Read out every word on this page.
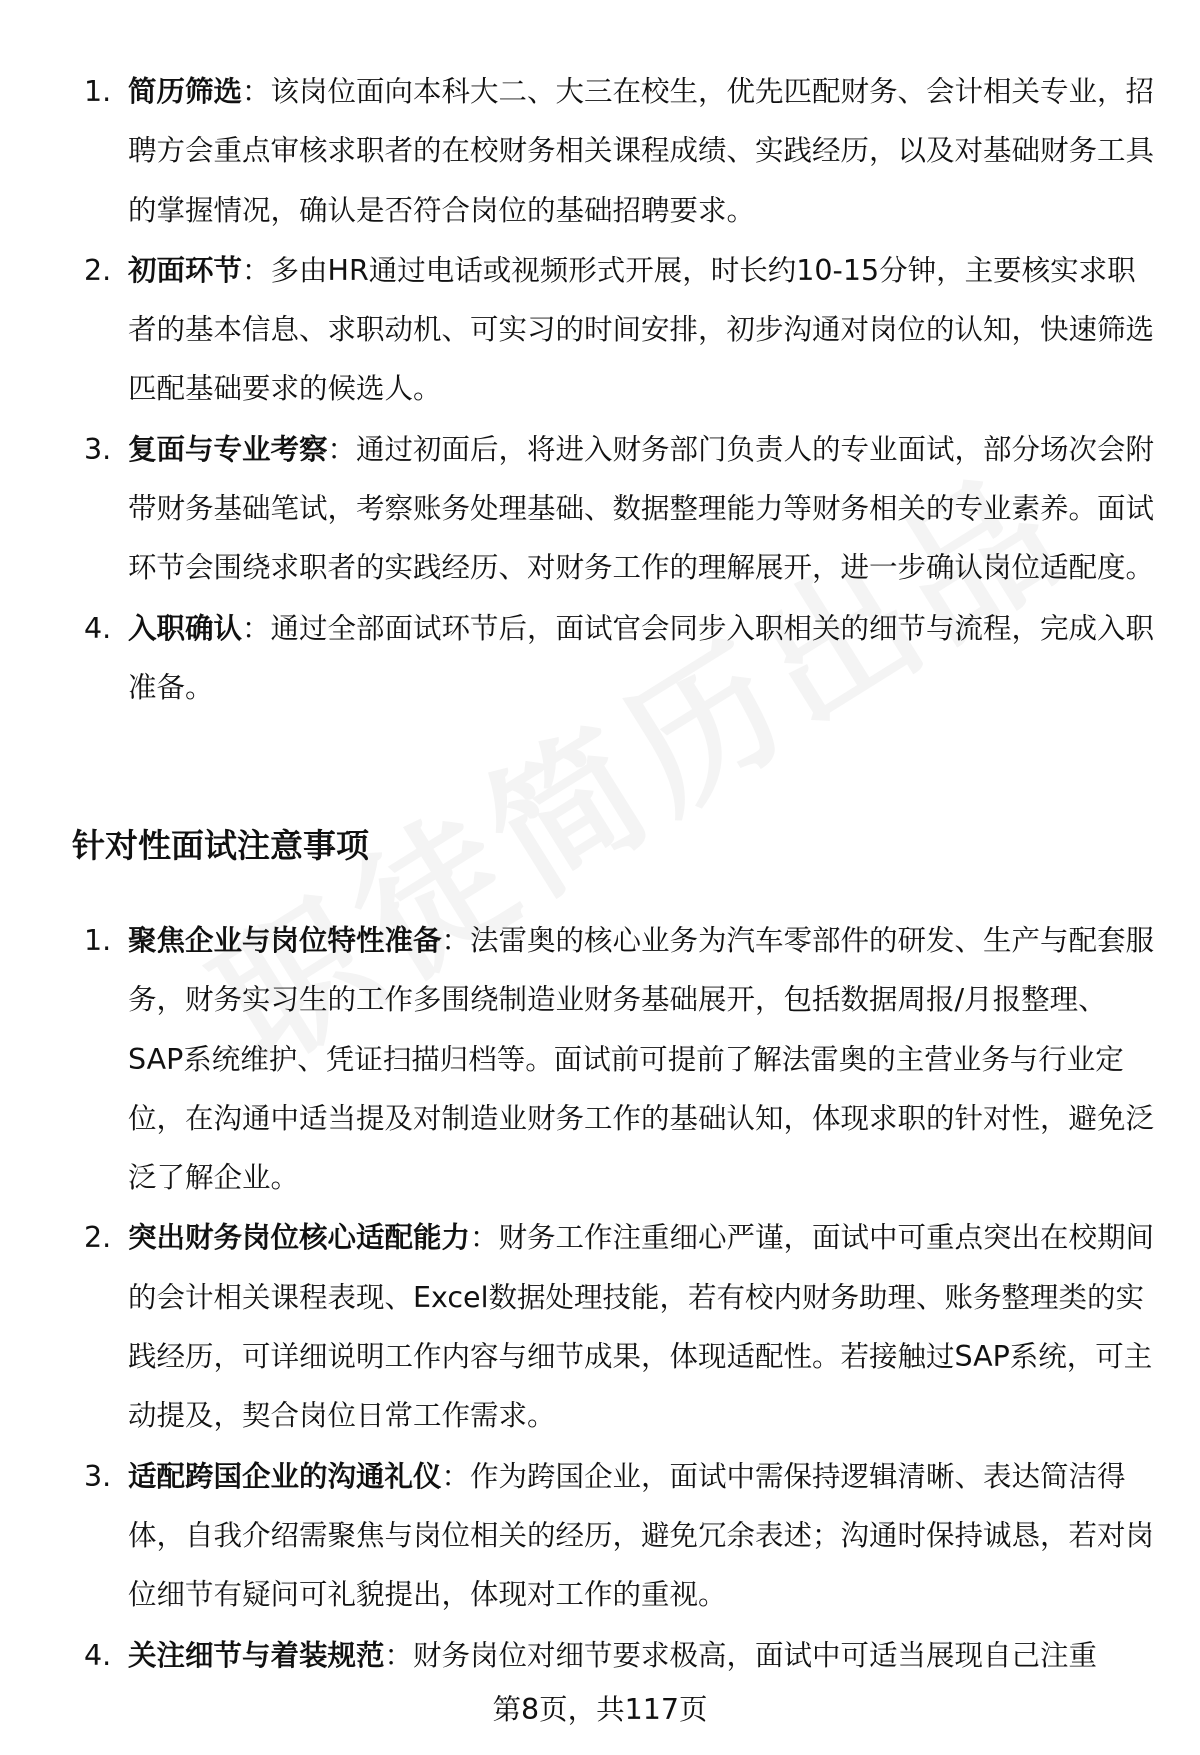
1. 简历筛选：该岗位面向本科大二、大三在校生，优先匹配财务、会计相关专业，招聘方会重点审核求职者的在校财务相关课程成绩、实践经历，以及对基础财务工具的掌握情况，确认是否符合岗位的基础招聘要求。
2. 初面环节：多由HR通过电话或视频形式开展，时长约10-15分钟，主要核实求职者的基本信息、求职动机、可实习的时间安排，初步沟通对岗位的认知，快速筛选匹配基础要求的候选人。
3. 复面与专业考察：通过初面后，将进入财务部门负责人的专业面试，部分场次会附带财务基础笔试，考察账务处理基础、数据整理能力等财务相关的专业素养。面试环节会围绕求职者的实践经历、对财务工作的理解展开，进一步确认岗位适配度。
4. 入职确认：通过全部面试环节后，面试官会同步入职相关的细节与流程，完成入职准备。
针对性面试注意事项
1. 聚焦企业与岗位特性准备：法雷奥的核心业务为汽车零部件的研发、生产与配套服务，财务实习生的工作多围绕制造业财务基础展开，包括数据周报/月报整理、SAP系统维护、凭证扫描归档等。面试前可提前了解法雷奥的主营业务与行业定位，在沟通中适当提及对制造业财务工作的基础认知，体现求职的针对性，避免泛泛了解企业。
2. 突出财务岗位核心适配能力：财务工作注重细心严谨，面试中可重点突出在校期间的会计相关课程表现、Excel数据处理技能，若有校内财务助理、账务整理类的实践经历，可详细说明工作内容与细节成果，体现适配性。若接触过SAP系统，可主动提及，契合岗位日常工作需求。
3. 适配跨国企业的沟通礼仪：作为跨国企业，面试中需保持逻辑清晰、表达简洁得体，自我介绍需聚焦与岗位相关的经历，避免冗余表述；沟通时保持诚恳，若对岗位细节有疑问可礼貌提出，体现对工作的重视。
4. 关注细节与着装规范：财务岗位对细节要求极高，面试中可适当展现自己注重
第8页，共117页
